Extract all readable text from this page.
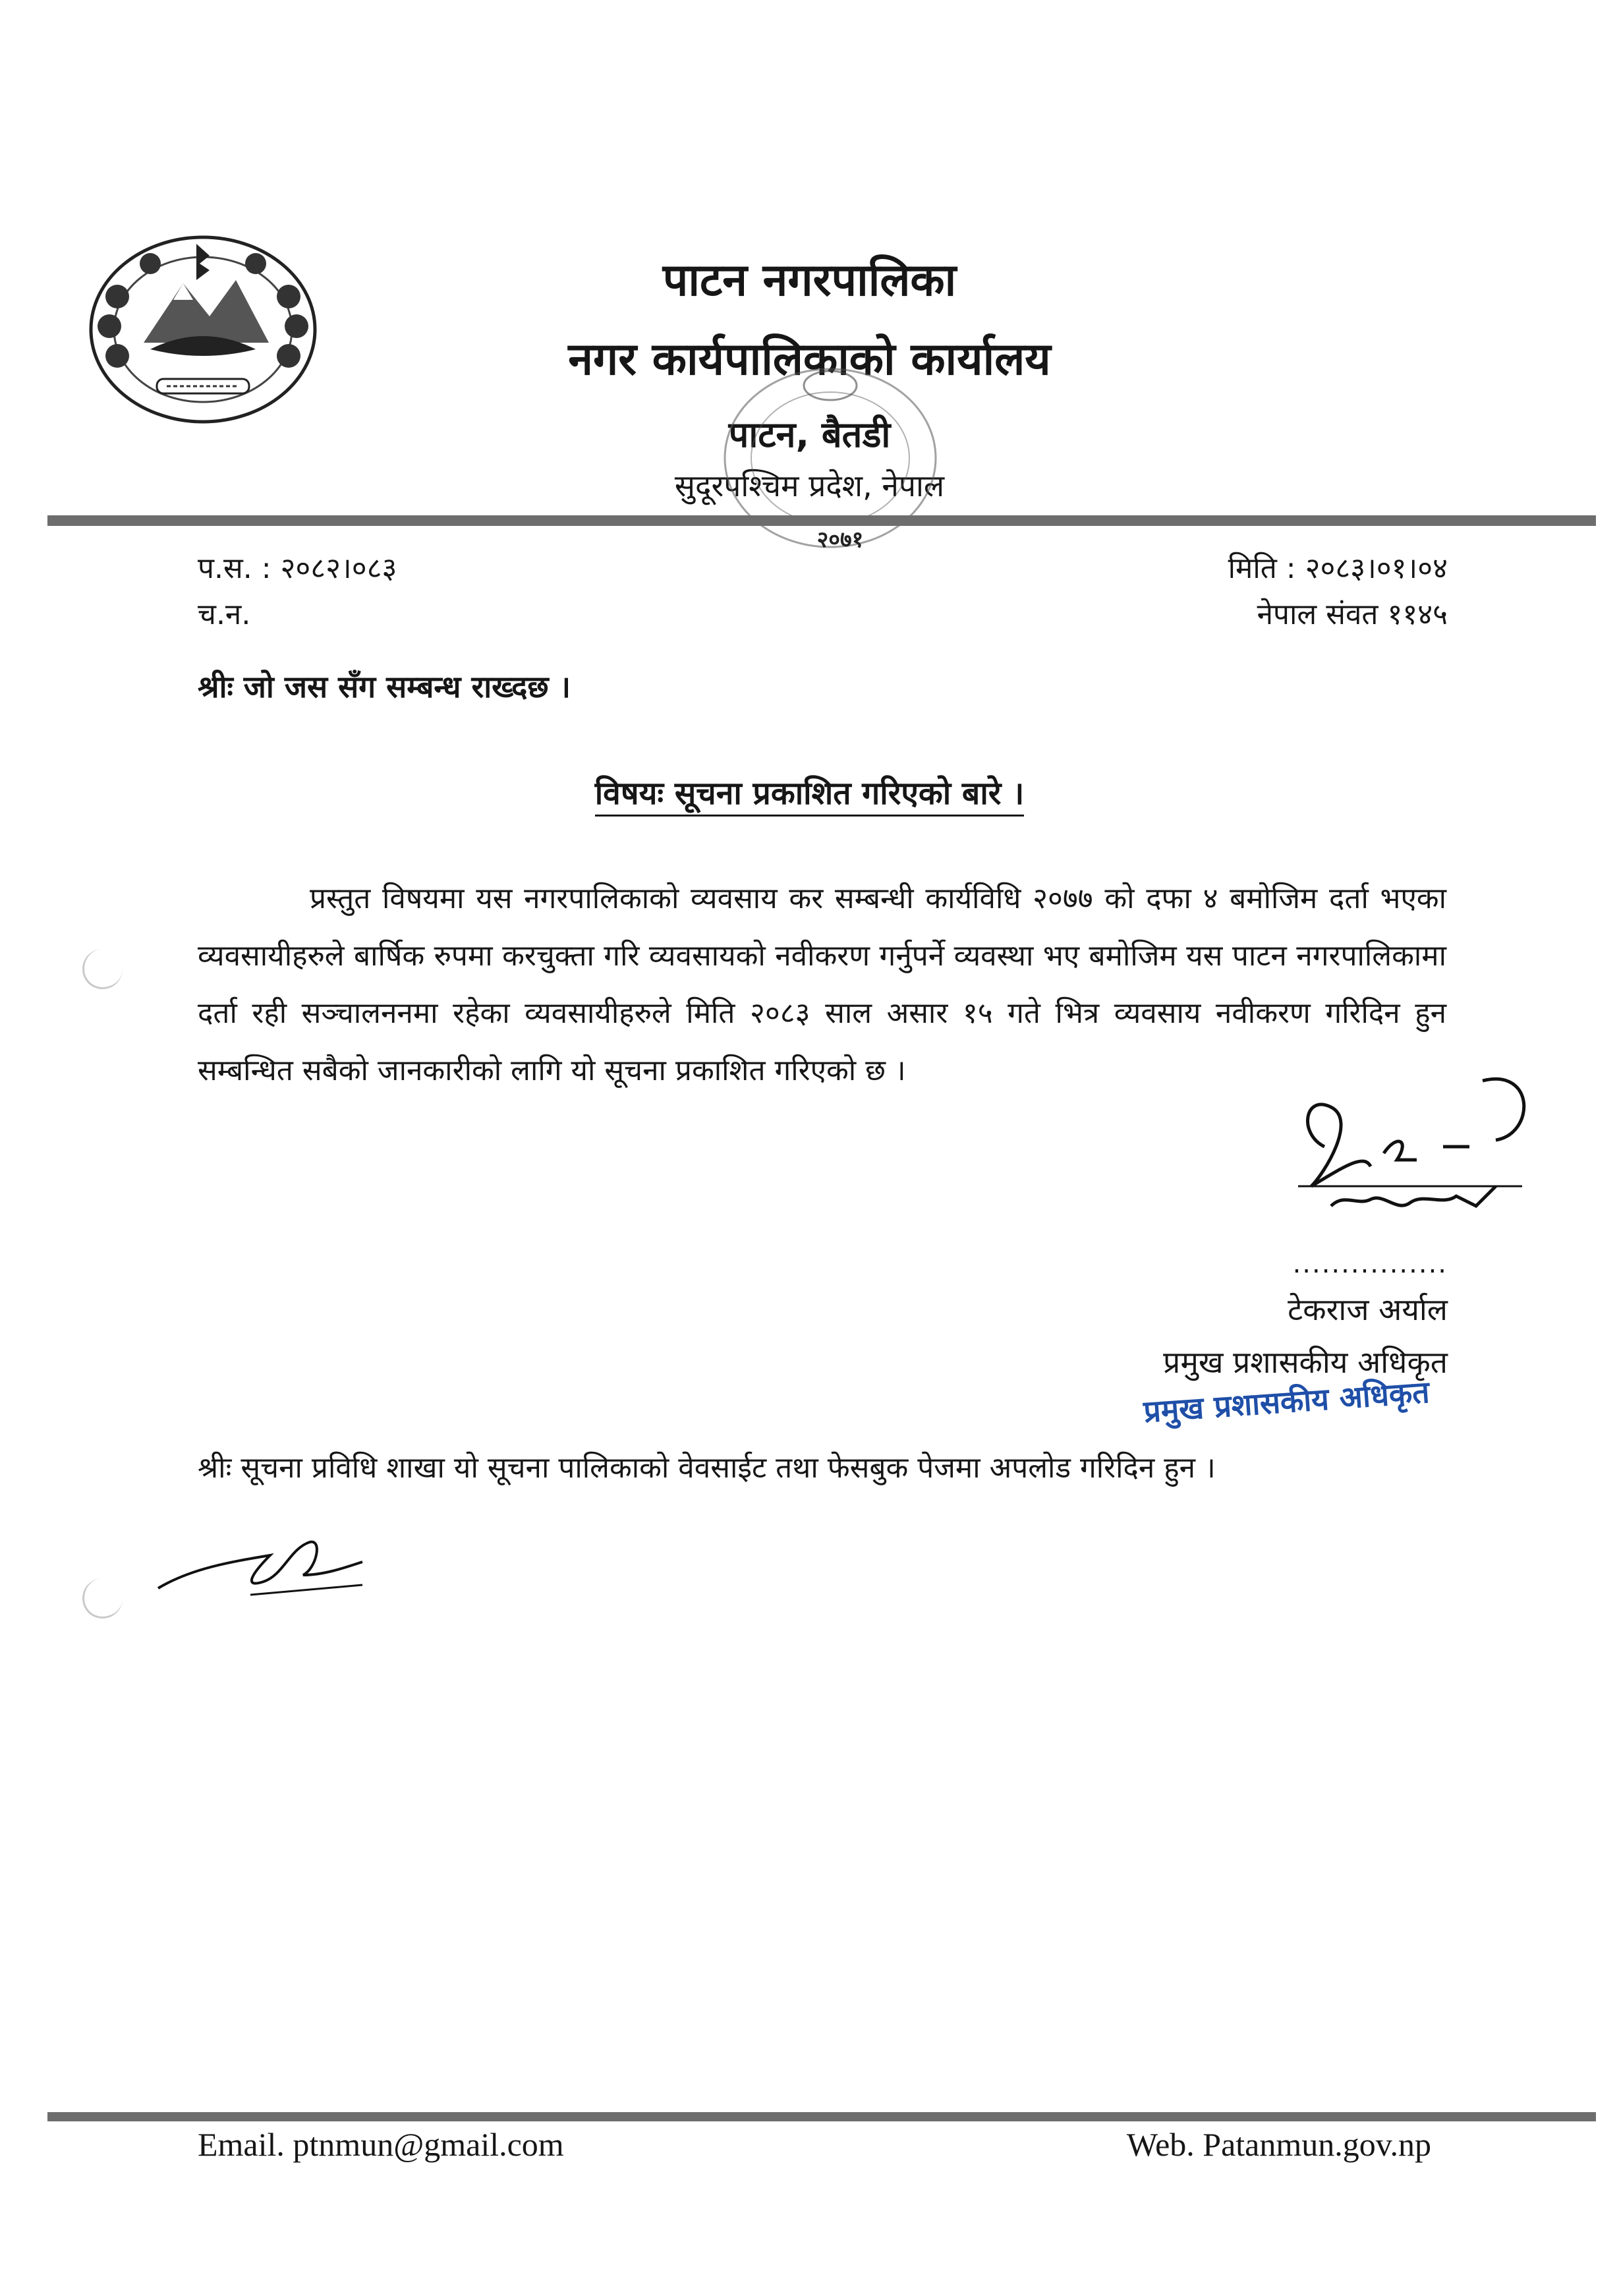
पाटन नगरपालिका
नगर कार्यपालिकाको कार्यालय
पाटन, बैतडी
सुदूरपश्चिम प्रदेश, नेपाल
२०७१
प.स. : २०८२।०८३
च.न.
मिति : २०८३।०१।०४
नेपाल संवत ११४५
श्रीः जो जस सँग सम्बन्ध राख्दछ ।
विषयः सूचना प्रकाशित गरिएको बारे ।
प्रस्तुत विषयमा यस नगरपालिकाको व्यवसाय कर सम्बन्धी कार्यविधि २०७७ को दफा ४ बमोजिम दर्ता भएका व्यवसायीहरुले बार्षिक रुपमा करचुक्ता गरि व्यवसायको नवीकरण गर्नुपर्ने व्यवस्था भए बमोजिम यस पाटन नगरपालिकामा दर्ता रही सञ्चालननमा रहेका व्यवसायीहरुले मिति २०८३ साल असार १५ गते भित्र व्यवसाय नवीकरण गरिदिन हुन सम्बन्धित सबैको जानकारीको लागि यो सूचना प्रकाशित गरिएको छ ।
................
टेकराज अर्याल
प्रमुख प्रशासकीय अधिकृत
प्रमुख प्रशासकीय अधिकृत
श्रीः सूचना प्रविधि शाखा यो सूचना पालिकाको वेवसाईट तथा फेसबुक पेजमा अपलोड गरिदिन हुन ।
Email. ptnmun@gmail.com	Web. Patanmun.gov.np
